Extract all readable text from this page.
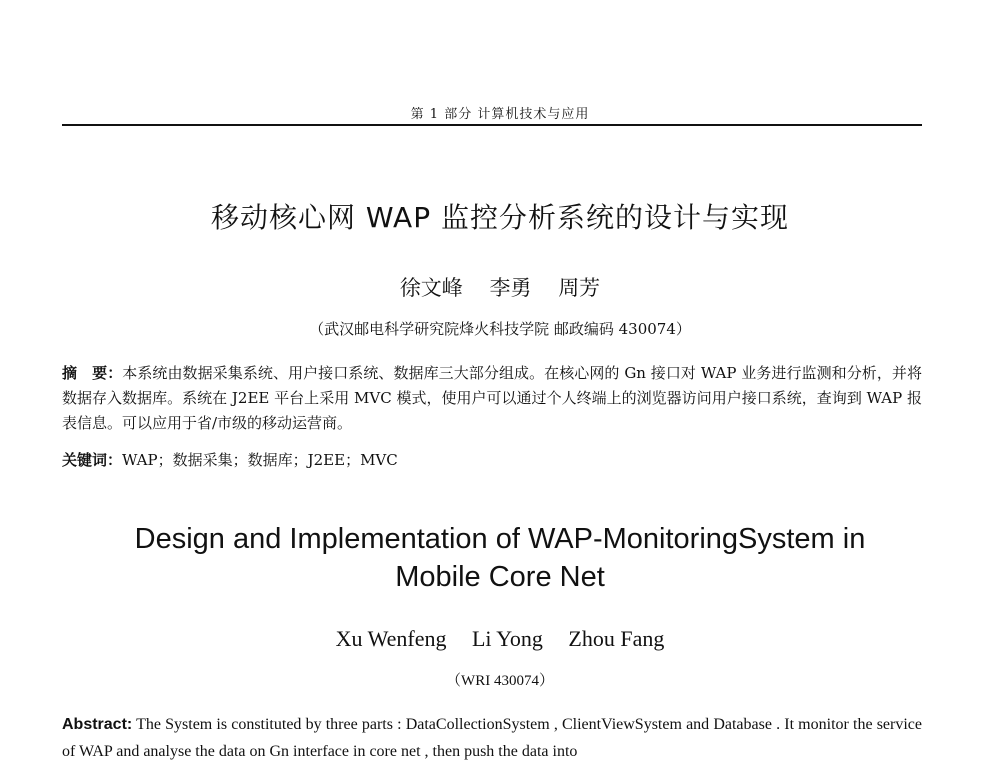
第 1 部分 计算机技术与应用
移动核心网 WAP 监控分析系统的设计与实现
徐文峰 李勇 周芳
（武汉邮电科学研究院烽火科技学院 邮政编码 430074）
摘　要：本系统由数据采集系统、用户接口系统、数据库三大部分组成。在核心网的 Gn 接口对 WAP 业务进行监测和分析，并将数据存入数据库。系统在 J2EE 平台上采用 MVC 模式，使用户可以通过个人终端上的浏览器访问用户接口系统，查询到 WAP 报表信息。可以应用于省/市级的移动运营商。
关键词：WAP；数据采集；数据库；J2EE；MVC
Design and Implementation of WAP-MonitoringSystem in
Mobile Core Net
Xu Wenfeng Li Yong Zhou Fang
（WRI 430074）
Abstract: The System is constituted by three parts : DataCollectionSystem , ClientViewSystem and Database . It monitor the service of WAP and analyse the data on Gn interface in core net , then push the data into
